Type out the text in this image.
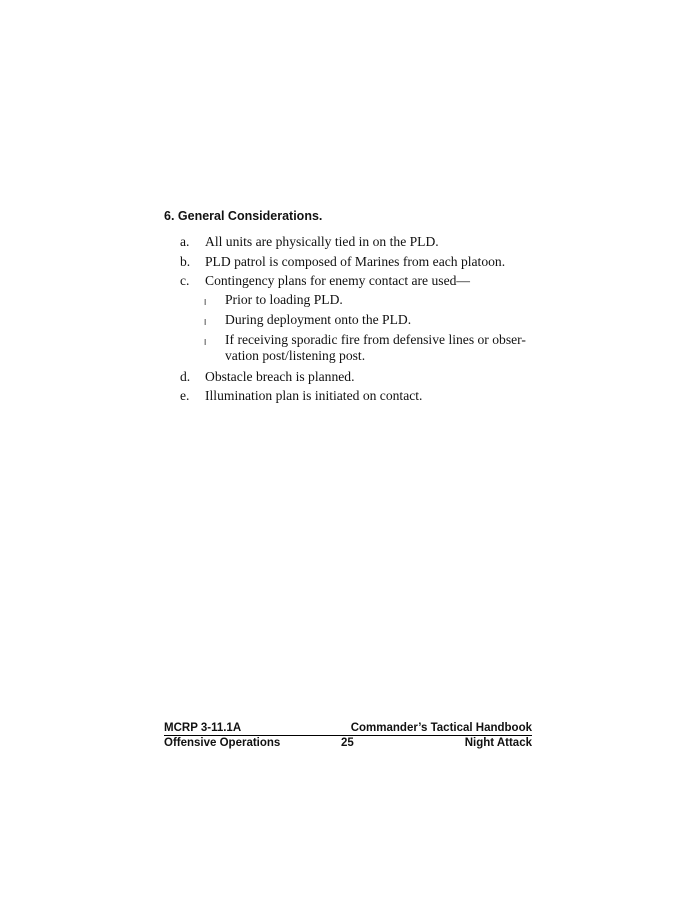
6. General Considerations.
a. All units are physically tied in on the PLD.
b. PLD patrol is composed of Marines from each platoon.
c. Contingency plans for enemy contact are used—
l Prior to loading PLD.
l During deployment onto the PLD.
l If receiving sporadic fire from defensive lines or obser-
vation post/listening post.
d. Obstacle breach is planned.
e. Illumination plan is initiated on contact.
MCRP 3-11.1A	Commander’s Tactical Handbook
Offensive Operations	25	Night Attack
